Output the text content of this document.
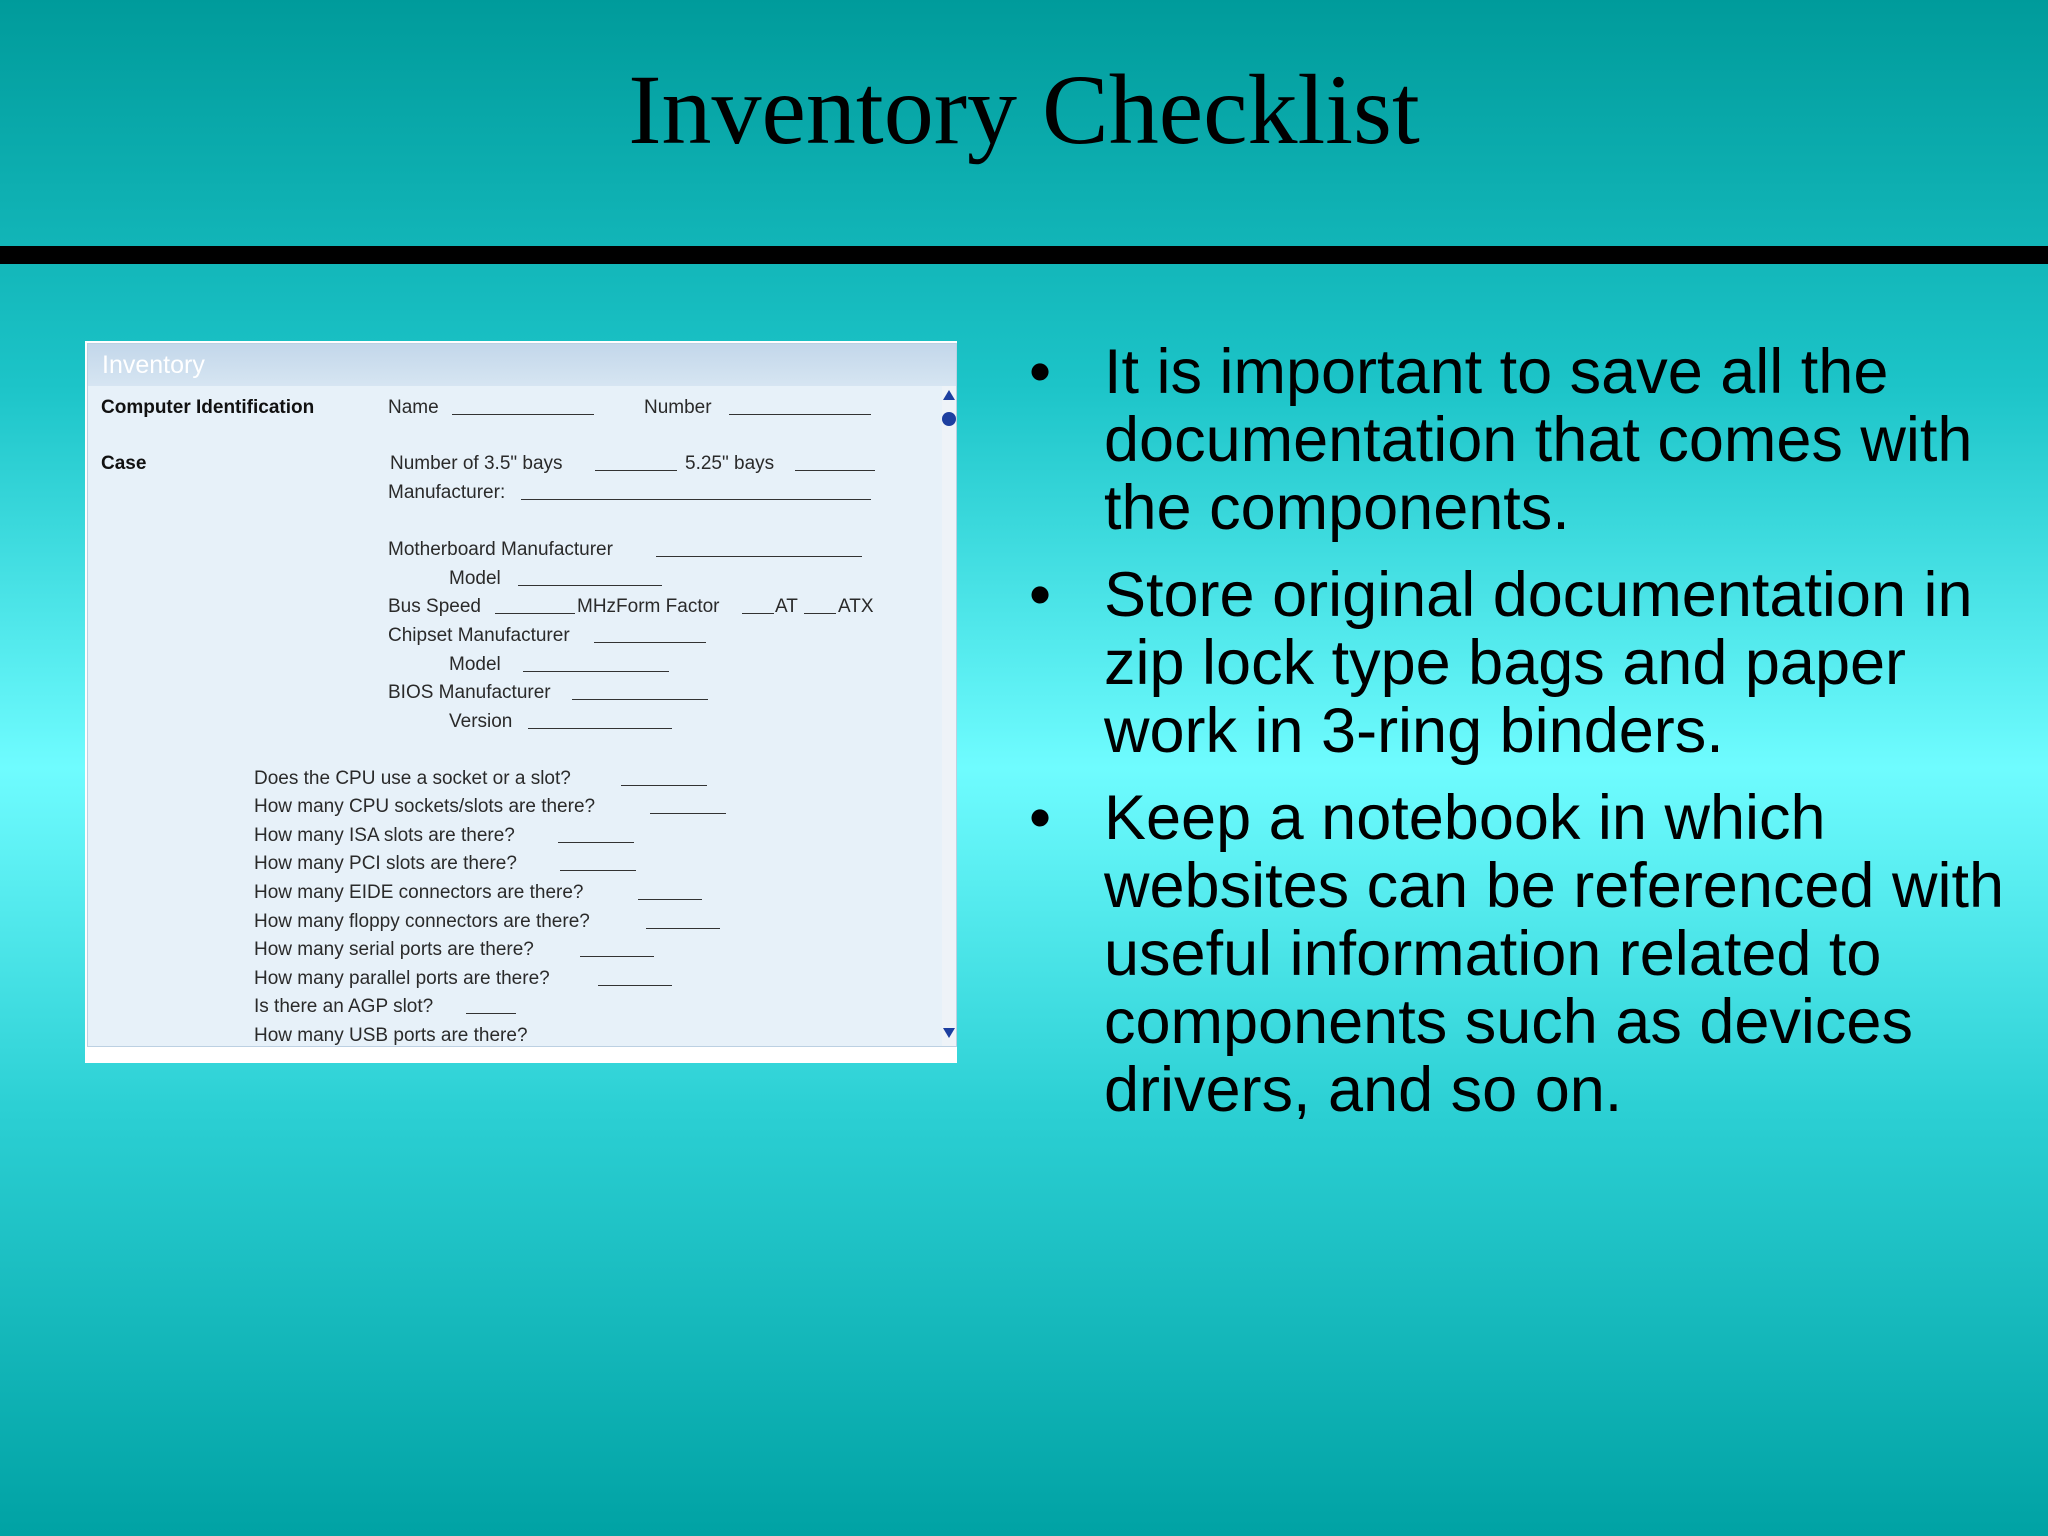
Inventory Checklist
Inventory
Computer Identification	Name	Number
Case	Number of 3.5" bays	5.25" bays
Manufacturer:
Motherboard Manufacturer
Model
Bus Speed	MHzForm Factor	AT ATX
Chipset Manufacturer
Model
BIOS Manufacturer
Version
Does the CPU use a socket or a slot?
How many CPU sockets/slots are there?
How many ISA slots are there?
How many PCI slots are there?
How many EIDE connectors are there?
How many floppy connectors are there?
How many serial ports are there?
How many parallel ports are there?
Is there an AGP slot?
How many USB ports are there?
• It is important to save all the documentation that comes with the components.
• Store original documentation in zip lock type bags and paper work in 3-ring binders.
• Keep a notebook in which websites can be referenced with useful information related to components such as devices drivers, and so on.
